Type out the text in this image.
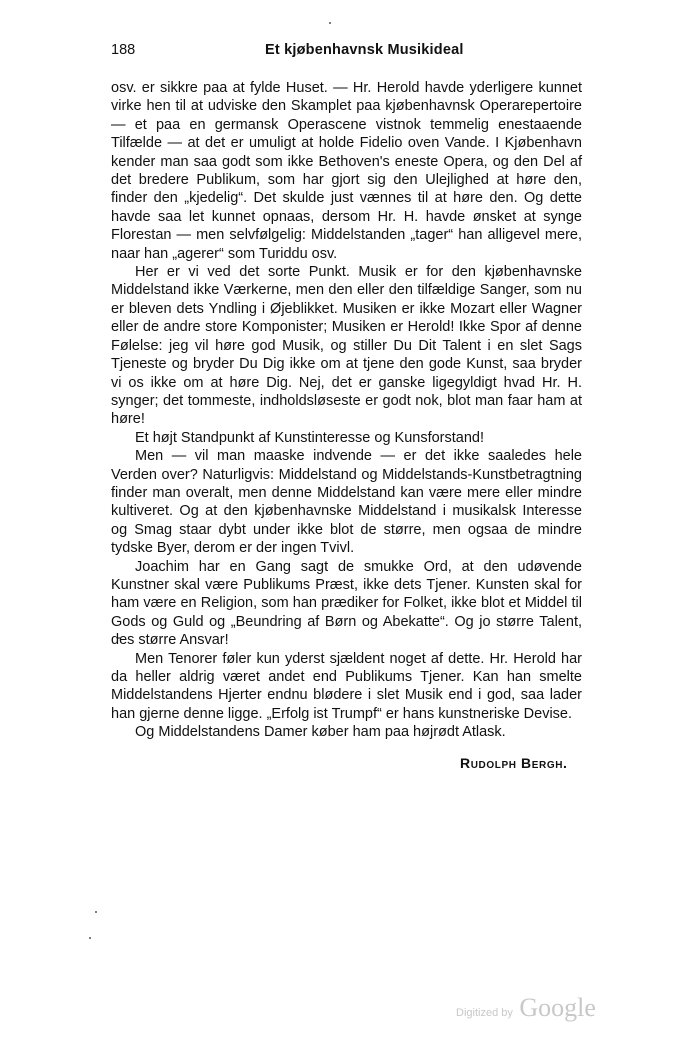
188	Et kjøbenhavnsk Musikideal

osv. er sikkre paa at fylde Huset. — Hr. Herold havde yderligere kunnet virke hen til at udviske den Skamplet paa kjøbenhavnsk Operarepertoire — et paa en germansk Operascene vistnok temmelig enestaaende Tilfælde — at det er umuligt at holde Fidelio oven Vande. I Kjøbenhavn kender man saa godt som ikke Bethoven's eneste Opera, og den Del af det bredere Publikum, som har gjort sig den Ulejlighed at høre den, finder den „kjedelig“. Det skulde just vænnes til at høre den. Og dette havde saa let kunnet opnaas, dersom Hr. H. havde ønsket at synge Florestan — men selvfølgelig: Middelstanden „tager“ han alligevel mere, naar han „agerer“ som Turiddu osv.

Her er vi ved det sorte Punkt. Musik er for den kjøbenhavnske Middelstand ikke Værkerne, men den eller den tilfældige Sanger, som nu er bleven dets Yndling i Øjeblikket. Musiken er ikke Mozart eller Wagner eller de andre store Komponister; Musiken er Herold! Ikke Spor af denne Følelse: jeg vil høre god Musik, og stiller Du Dit Talent i en slet Sags Tjeneste og bryder Du Dig ikke om at tjene den gode Kunst, saa bryder vi os ikke om at høre Dig. Nej, det er ganske ligegyldigt hvad Hr. H. synger; det tommeste, indholdsløseste er godt nok, blot man faar ham at høre!

Et højt Standpunkt af Kunstinteresse og Kunsforstand!

Men — vil man maaske indvende — er det ikke saaledes hele Verden over? Naturligvis: Middelstand og Middelstands-Kunstbetragtning finder man overalt, men denne Middelstand kan være mere eller mindre kultiveret. Og at den kjøbenhavnske Middelstand i musikalsk Interesse og Smag staar dybt under ikke blot de større, men ogsaa de mindre tydske Byer, derom er der ingen Tvivl.

Joachim har en Gang sagt de smukke Ord, at den udøvende Kunstner skal være Publikums Præst, ikke dets Tjener. Kunsten skal for ham være en Religion, som han prædiker for Folket, ikke blot et Middel til Gods og Guld og „Beundring af Børn og Abekatte“. Og jo større Talent, des større Ansvar!

Men Tenorer føler kun yderst sjældent noget af dette. Hr. Herold har da heller aldrig været andet end Publikums Tjener. Kan han smelte Middelstandens Hjerter endnu blødere i slet Musik end i god, saa lader han gjerne denne ligge. „Erfolg ist Trumpf“ er hans kunstneriske Devise.

Og Middelstandens Damer køber ham paa højrødt Atlask.

Rudolph Bergh.
Digitized by Google
